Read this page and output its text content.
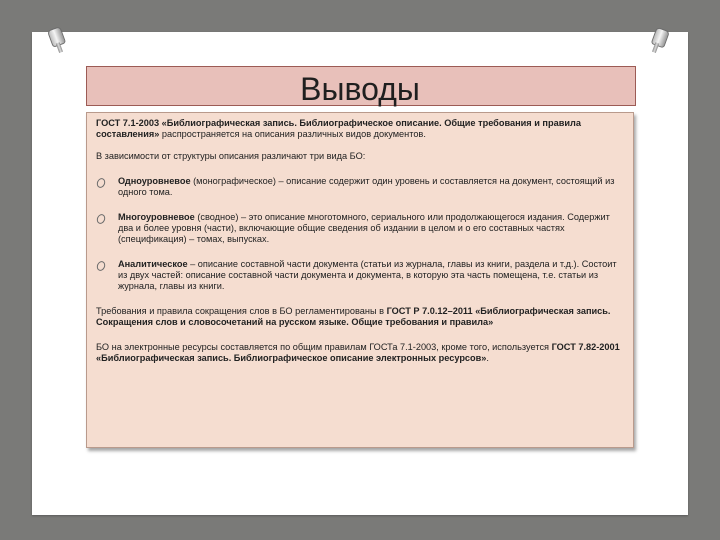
Выводы

ГОСТ 7.1-2003 «Библиографическая запись. Библиографическое описание. Общие требования и правила составления» распространяется на описания различных видов документов.

В зависимости от структуры описания различают три вида БО:

Одноуровневое (монографическое) – описание содержит один уровень и составляется на документ, состоящий из одного тома.
Многоуровневое (сводное) – это описание многотомного, сериального или продолжающегося издания. Содержит два и более уровня (части), включающие общие сведения об издании в целом и о его составных частях (спецификация) – томах, выпусках.
Аналитическое – описание составной части документа (статьи из журнала, главы из книги, раздела и т.д.). Состоит из двух частей: описание составной части документа и документа, в которую эта часть помещена, т.е. статьи из журнала, главы из книги.

Требования и правила сокращения слов в БО регламентированы в ГОСТ Р 7.0.12–2011 «Библиографическая запись. Сокращения слов и словосочетаний на русском языке. Общие требования и правила»

БО на электронные ресурсы составляется по общим правилам ГОСТа 7.1-2003, кроме того, используется ГОСТ 7.82-2001 «Библиографическая запись. Библиографическое описание электронных ресурсов».
